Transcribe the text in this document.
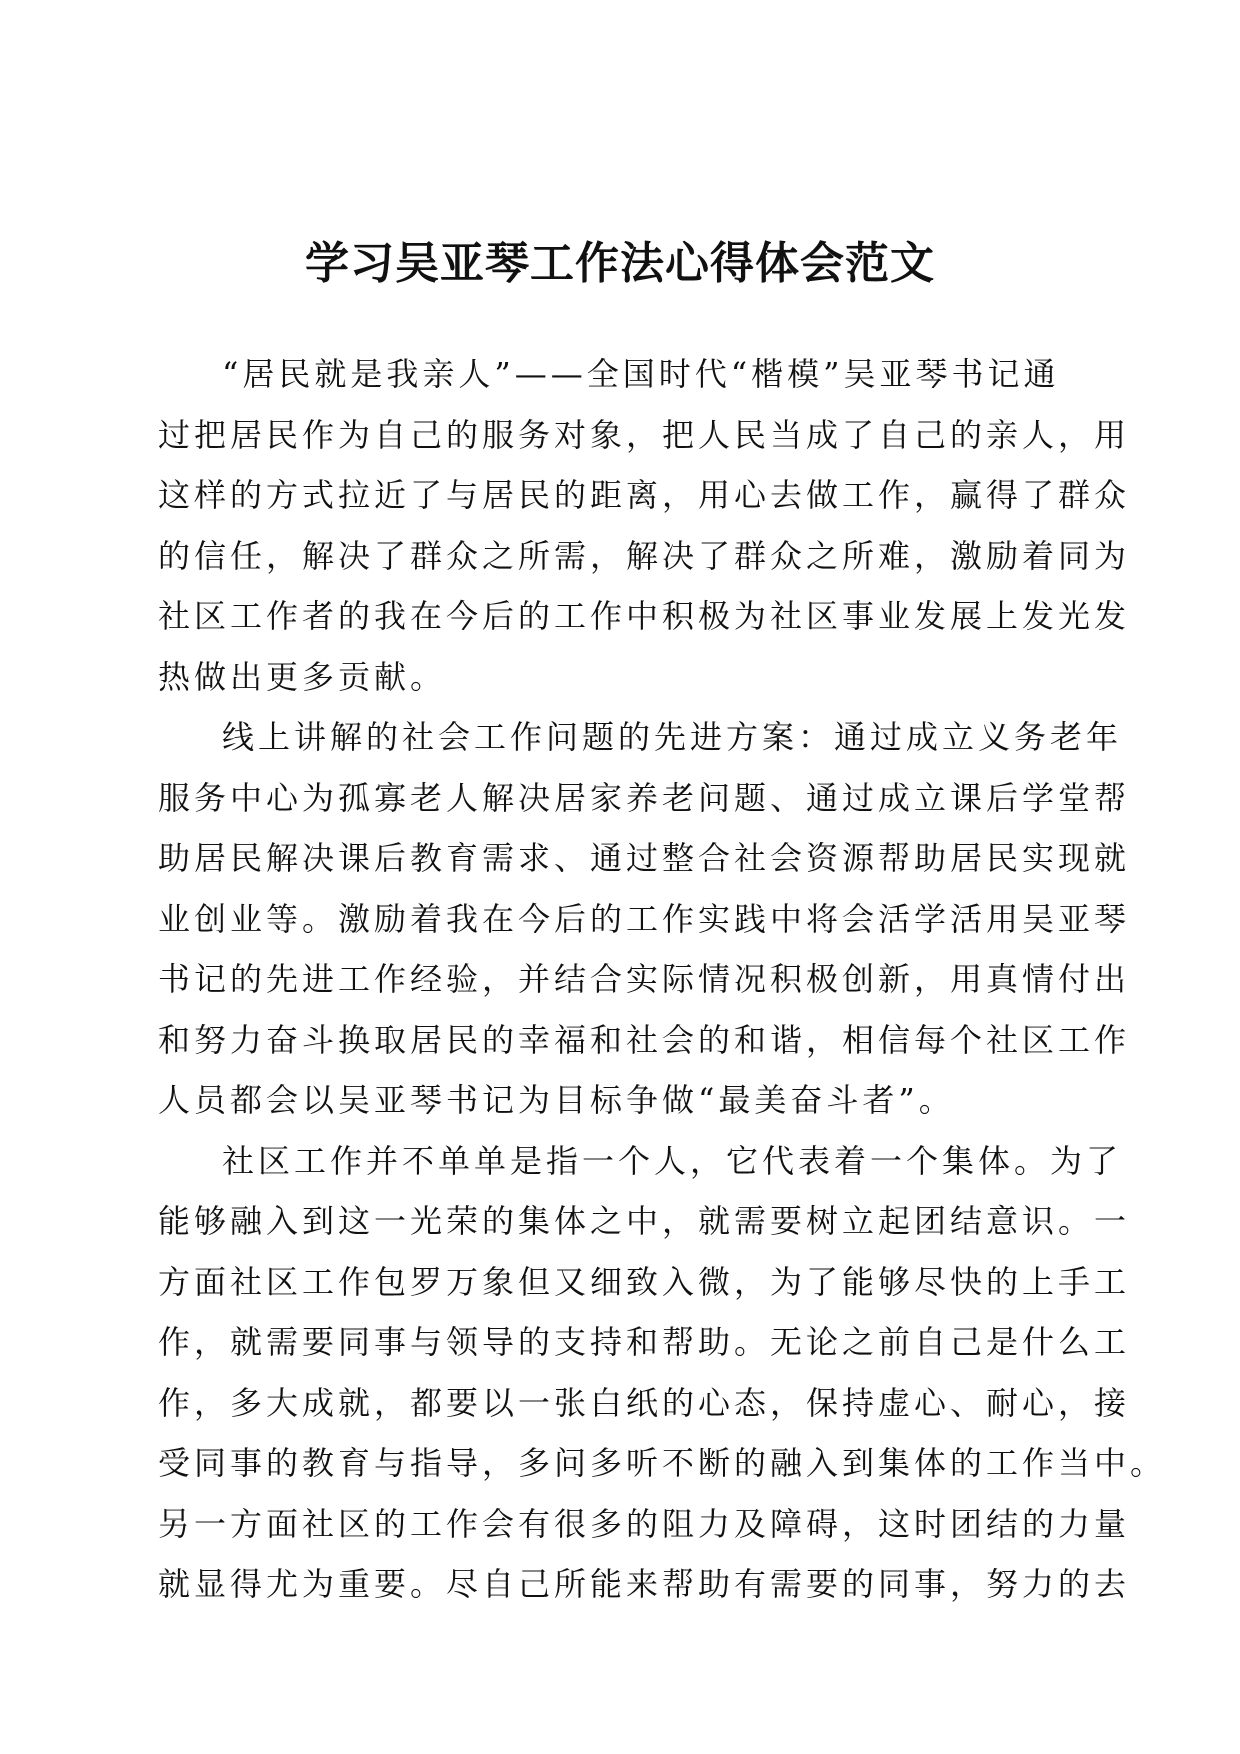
学习吴亚琴工作法心得体会范文

“居民就是我亲人”——全国时代“楷模”吴亚琴书记通
过把居民作为自己的服务对象，把人民当成了自己的亲人，用
这样的方式拉近了与居民的距离，用心去做工作，赢得了群众
的信任，解决了群众之所需，解决了群众之所难，激励着同为
社区工作者的我在今后的工作中积极为社区事业发展上发光发
热做出更多贡献。

线上讲解的社会工作问题的先进方案：通过成立义务老年
服务中心为孤寡老人解决居家养老问题、通过成立课后学堂帮
助居民解决课后教育需求、通过整合社会资源帮助居民实现就
业创业等。激励着我在今后的工作实践中将会活学活用吴亚琴
书记的先进工作经验，并结合实际情况积极创新，用真情付出
和努力奋斗换取居民的幸福和社会的和谐，相信每个社区工作
人员都会以吴亚琴书记为目标争做“最美奋斗者”。

社区工作并不单单是指一个人，它代表着一个集体。为了
能够融入到这一光荣的集体之中，就需要树立起团结意识。一
方面社区工作包罗万象但又细致入微，为了能够尽快的上手工
作，就需要同事与领导的支持和帮助。无论之前自己是什么工
作，多大成就，都要以一张白纸的心态，保持虚心、耐心，接
受同事的教育与指导，多问多听不断的融入到集体的工作当中。
另一方面社区的工作会有很多的阻力及障碍，这时团结的力量
就显得尤为重要。尽自己所能来帮助有需要的同事，努力的去
